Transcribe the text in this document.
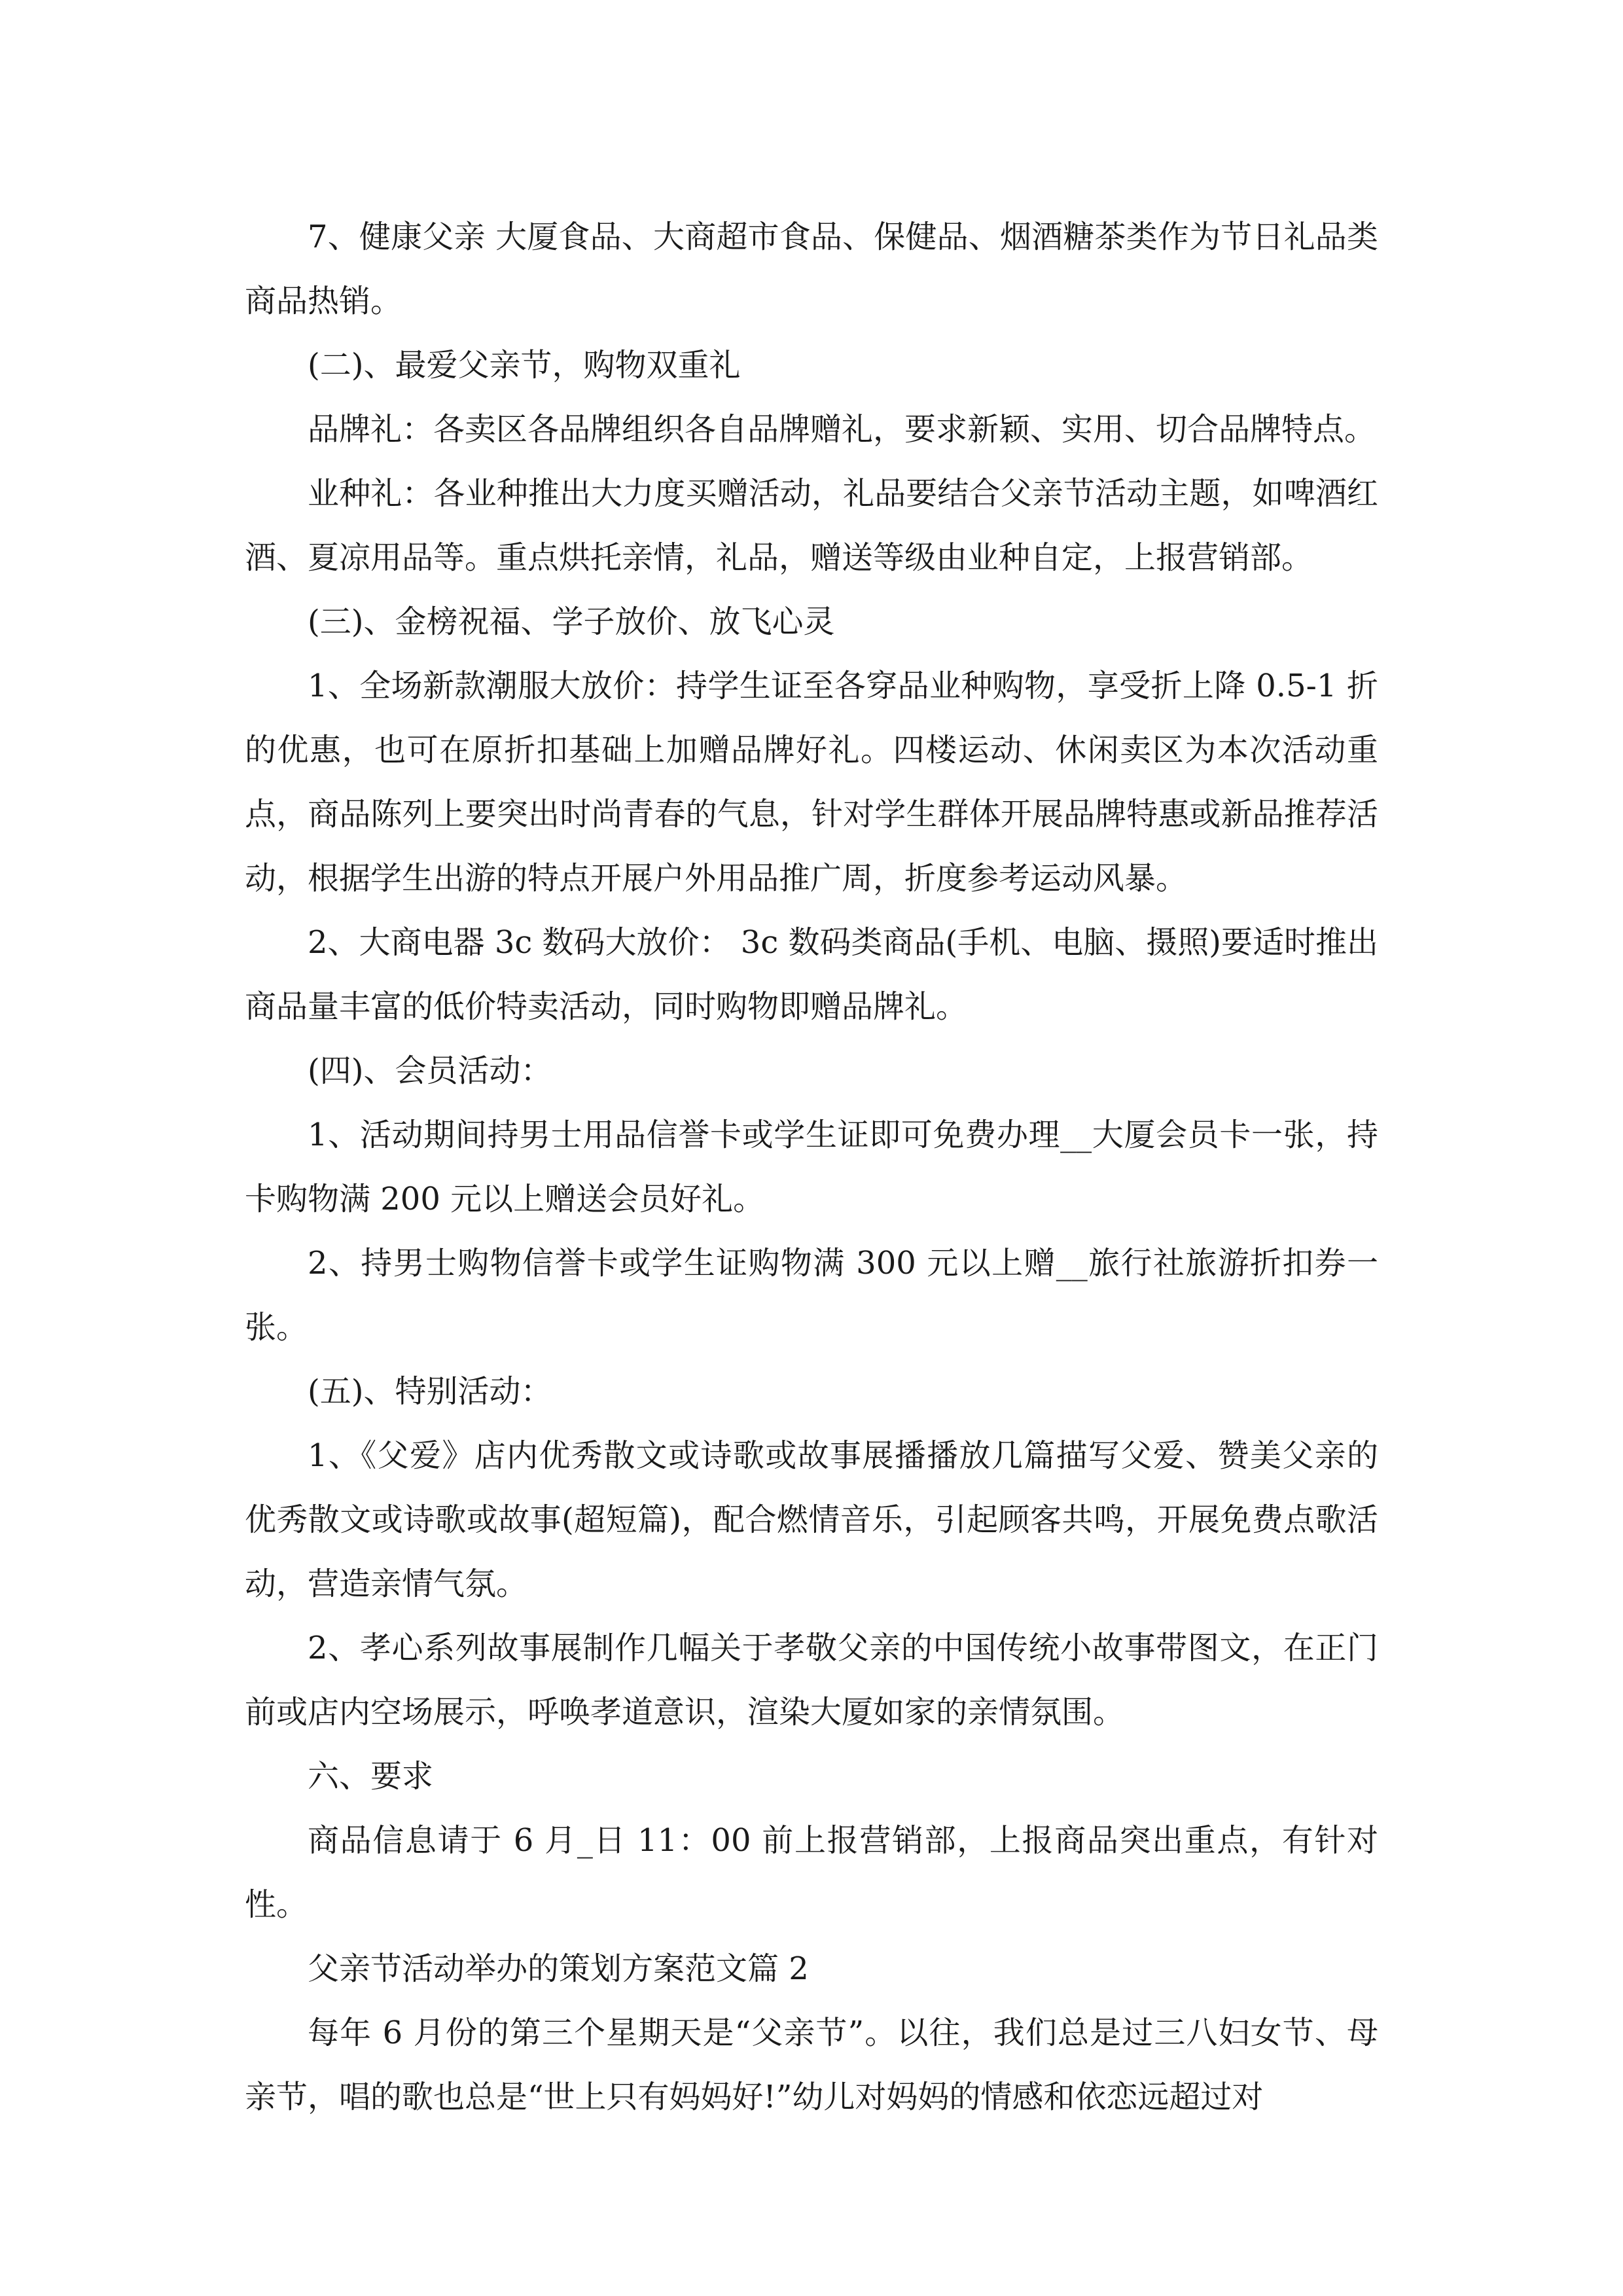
7、健康父亲 大厦食品、大商超市食品、保健品、烟酒糖茶类作为节日礼品类商品热销。

(二)、最爱父亲节，购物双重礼

品牌礼：各卖区各品牌组织各自品牌赠礼，要求新颖、实用、切合品牌特点。

业种礼：各业种推出大力度买赠活动，礼品要结合父亲节活动主题，如啤酒红酒、夏凉用品等。重点烘托亲情，礼品，赠送等级由业种自定，上报营销部。

(三)、金榜祝福、学子放价、放飞心灵

1、全场新款潮服大放价：持学生证至各穿品业种购物，享受折上降 0.5-1 折的优惠，也可在原折扣基础上加赠品牌好礼。四楼运动、休闲卖区为本次活动重点，商品陈列上要突出时尚青春的气息，针对学生群体开展品牌特惠或新品推荐活动，根据学生出游的特点开展户外用品推广周，折度参考运动风暴。

2、大商电器 3c 数码大放价： 3c 数码类商品(手机、电脑、摄照)要适时推出商品量丰富的低价特卖活动，同时购物即赠品牌礼。

(四)、会员活动：

1、活动期间持男士用品信誉卡或学生证即可免费办理__大厦会员卡一张，持卡购物满 200 元以上赠送会员好礼。

2、持男士购物信誉卡或学生证购物满 300 元以上赠__旅行社旅游折扣券一张。

(五)、特别活动：

1、《父爱》店内优秀散文或诗歌或故事展播播放几篇描写父爱、赞美父亲的优秀散文或诗歌或故事(超短篇)，配合燃情音乐，引起顾客共鸣，开展免费点歌活动，营造亲情气氛。

2、孝心系列故事展制作几幅关于孝敬父亲的中国传统小故事带图文，在正门前或店内空场展示，呼唤孝道意识，渲染大厦如家的亲情氛围。

六、要求

商品信息请于 6 月_日 11：00 前上报营销部，上报商品突出重点，有针对性。

父亲节活动举办的策划方案范文篇 2

每年 6 月份的第三个星期天是“父亲节”。以往，我们总是过三八妇女节、母亲节，唱的歌也总是“世上只有妈妈好!”幼儿对妈妈的情感和依恋远超过对
